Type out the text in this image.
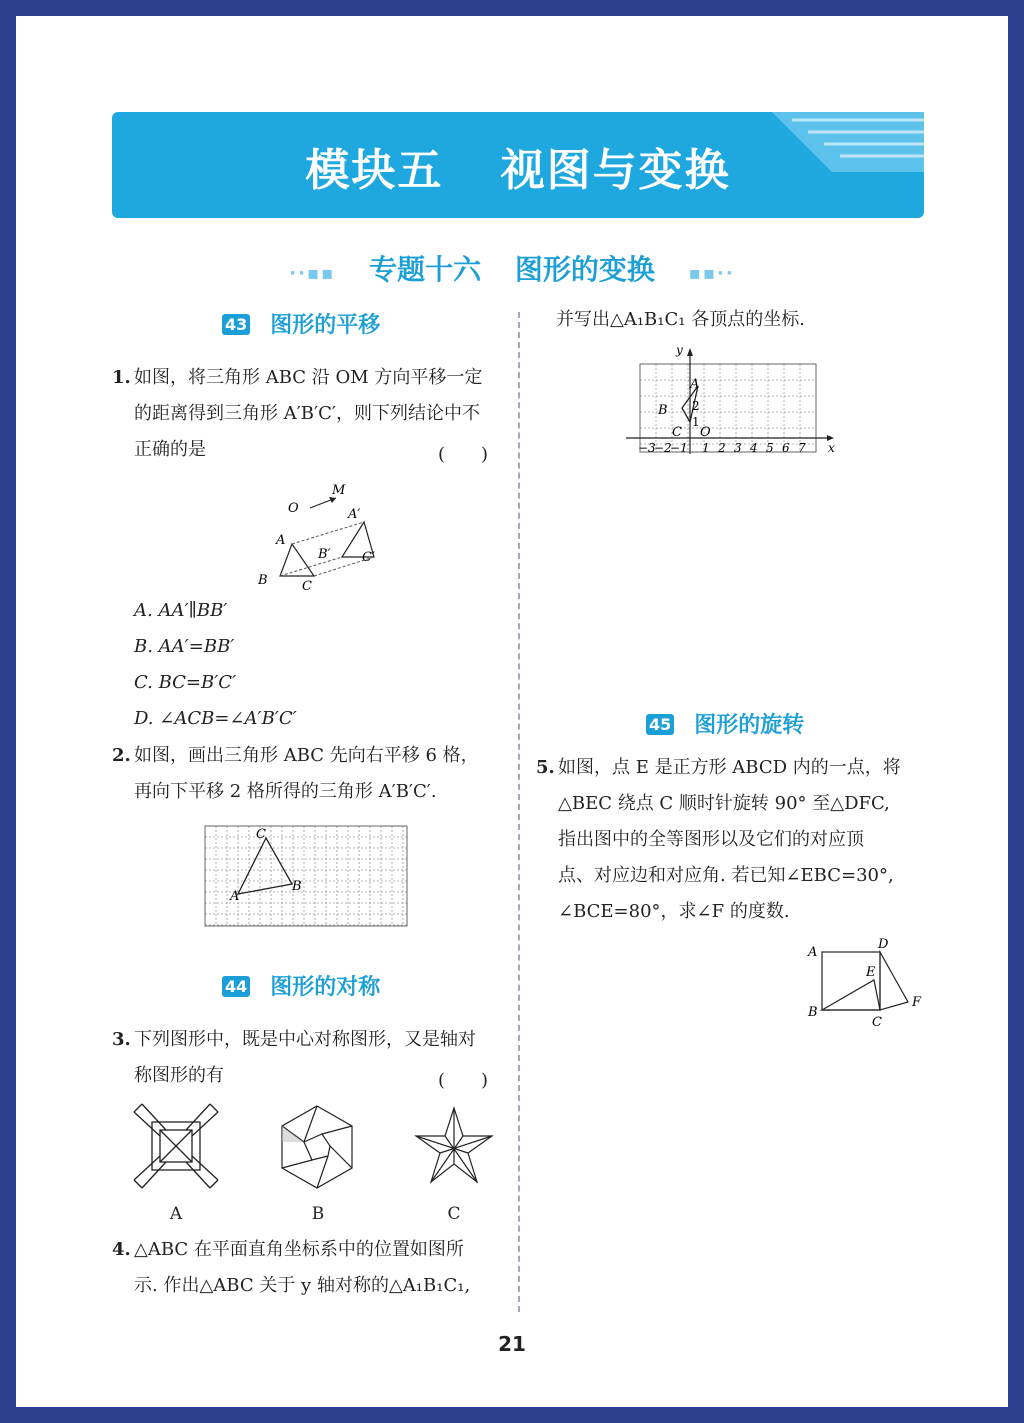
模块五 视图与变换
··▪▪ 专题十六 图形的变换 ▪▪··
43 图形的平移
1. 如图，将三角形 ABC 沿 OM 方向平移一定
的距离得到三角形 A′B′C′，则下列结论中不
正确的是	(　　)
O
M
A′
A
B′ C′
B	C
A. AA′∥BB′
B. AA′=BB′
C. BC=B′C′
D. ∠ACB=∠A′B′C′
2. 如图，画出三角形 ABC 先向右平移 6 格，
再向下平移 2 格所得的三角形 A′B′C′.
C
A
B
44 图形的对称
3. 下列图形中，既是中心对称图形，又是轴对
称图形的有	(　　)
A	B	C
4. △ABC 在平面直角坐标系中的位置如图所
示. 作出△ABC 关于 y 轴对称的△A₁B₁C₁,
并写出△A₁B₁C₁ 各顶点的坐标.
y
x
O
A
B
C
1
2
−3
−2
−1 1 2 3 4 5 6 7
45 图形的旋转
5. 如图，点 E 是正方形 ABCD 内的一点，将
△BEC 绕点 C 顺时针旋转 90° 至△DFC,
指出图中的全等图形以及它们的对应顶
点、对应边和对应角. 若已知∠EBC=30°,
∠BCE=80°，求∠F 的度数.
A
D
E
B
C
F
21
